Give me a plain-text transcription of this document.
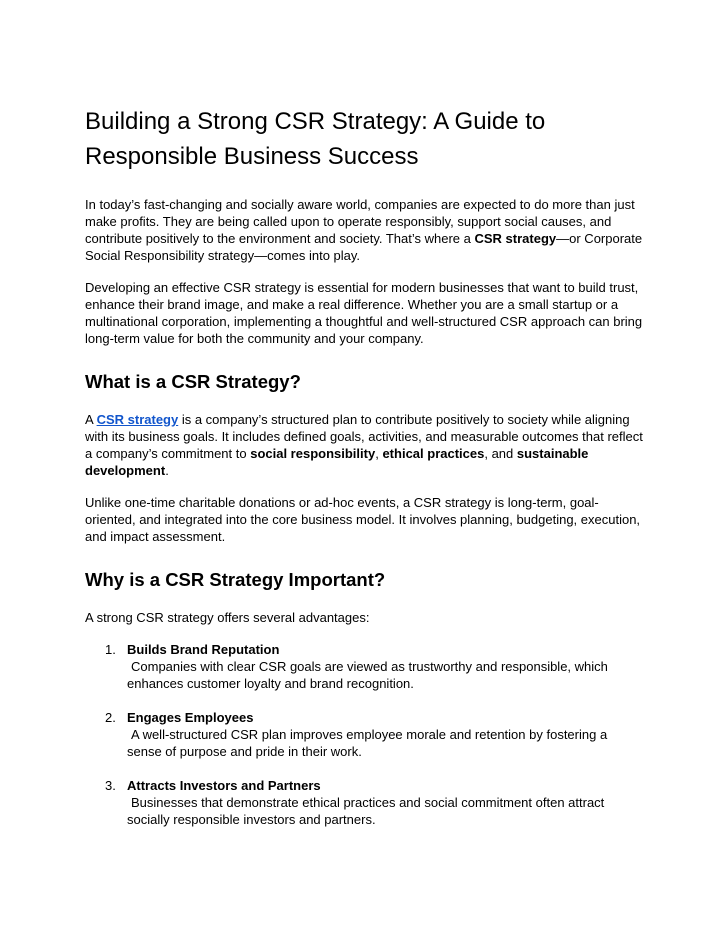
Building a Strong CSR Strategy: A Guide to Responsible Business Success

In today’s fast-changing and socially aware world, companies are expected to do more than just make profits. They are being called upon to operate responsibly, support social causes, and contribute positively to the environment and society. That’s where a CSR strategy—or Corporate Social Responsibility strategy—comes into play.

Developing an effective CSR strategy is essential for modern businesses that want to build trust, enhance their brand image, and make a real difference. Whether you are a small startup or a multinational corporation, implementing a thoughtful and well-structured CSR approach can bring long-term value for both the community and your company.

What is a CSR Strategy?

A CSR strategy is a company’s structured plan to contribute positively to society while aligning with its business goals. It includes defined goals, activities, and measurable outcomes that reflect a company’s commitment to social responsibility, ethical practices, and sustainable development.

Unlike one-time charitable donations or ad-hoc events, a CSR strategy is long-term, goal-oriented, and integrated into the core business model. It involves planning, budgeting, execution, and impact assessment.

Why is a CSR Strategy Important?

A strong CSR strategy offers several advantages:

1. Builds Brand Reputation
Companies with clear CSR goals are viewed as trustworthy and responsible, which
enhances customer loyalty and brand recognition.
2. Engages Employees
A well-structured CSR plan improves employee morale and retention by fostering a
sense of purpose and pride in their work.
3. Attracts Investors and Partners
Businesses that demonstrate ethical practices and social commitment often attract
socially responsible investors and partners.
